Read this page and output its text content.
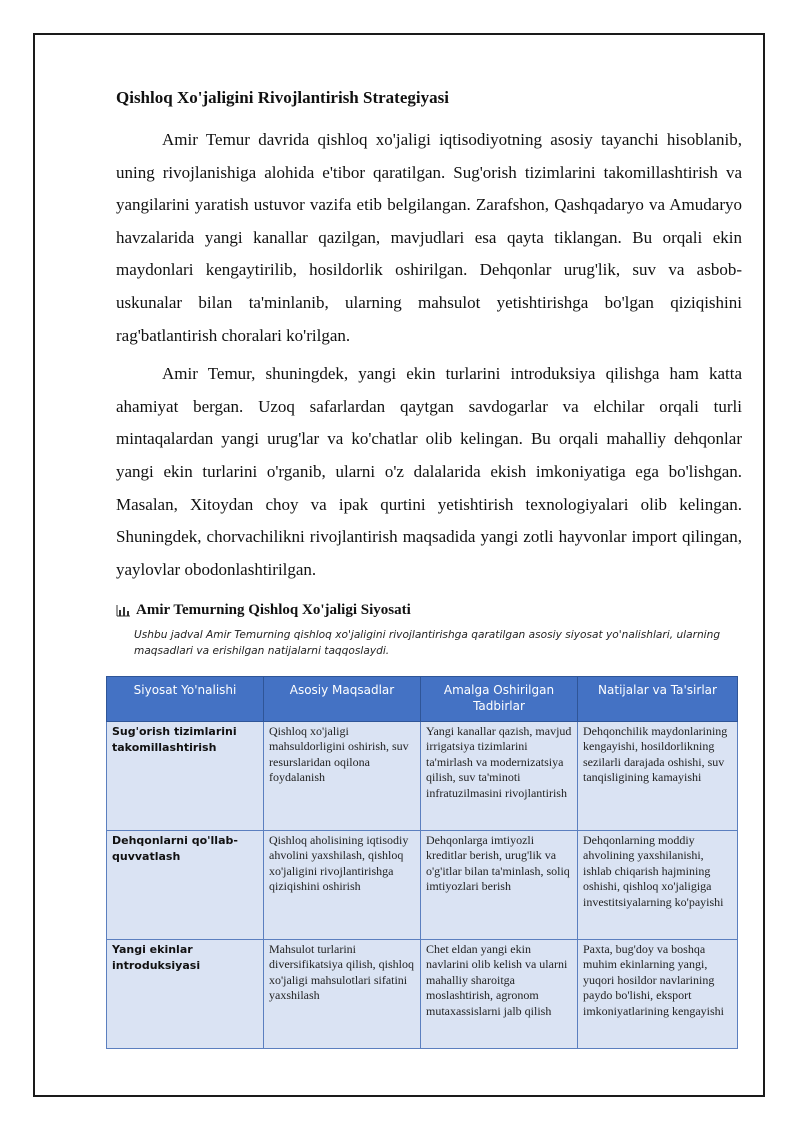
Qishloq Xo'jaligini Rivojlantirish Strategiyasi

Amir Temur davrida qishloq xo'jaligi iqtisodiyotning asosiy tayanchi hisoblanib, uning rivojlanishiga alohida e'tibor qaratilgan. Sug'orish tizimlarini takomillashtirish va yangilarini yaratish ustuvor vazifa etib belgilangan. Zarafshon, Qashqadaryo va Amudaryo havzalarida yangi kanallar qazilgan, mavjudlari esa qayta tiklangan. Bu orqali ekin maydonlari kengaytirilib, hosildorlik oshirilgan. Dehqonlar urug'lik, suv va asbob-uskunalar bilan ta'minlanib, ularning mahsulot yetishtirishga bo'lgan qiziqishini rag'batlantirish choralari ko'rilgan.

Amir Temur, shuningdek, yangi ekin turlarini introduksiya qilishga ham katta ahamiyat bergan. Uzoq safarlardan qaytgan savdogarlar va elchilar orqali turli mintaqalardan yangi urug'lar va ko'chatlar olib kelingan. Bu orqali mahalliy dehqonlar yangi ekin turlarini o'rganib, ularni o'z dalalarida ekish imkoniyatiga ega bo'lishgan. Masalan, Xitoydan choy va ipak qurtini yetishtirish texnologiyalari olib kelingan. Shuningdek, chorvachilikni rivojlantirish maqsadida yangi zotli hayvonlar import qilingan, yaylovlar obodonlashtirilgan.

Amir Temurning Qishloq Xo'jaligi Siyosati
Ushbu jadval Amir Temurning qishloq xo'jaligini rivojlantirishga qaratilgan asosiy siyosat yo'nalishlari, ularning maqsadlari va erishilgan natijalarni taqqoslaydi.
Siyosat Yo'nalishi	Asosiy Maqsadlar	Amalga Oshirilgan Tadbirlar	Natijalar va Ta'sirlar
Sug'orish tizimlarini takomillashtirish	Qishloq xo'jaligi mahsuldorligini oshirish, suv resurslaridan oqilona foydalanish	Yangi kanallar qazish, mavjud irrigatsiya tizimlarini ta'mirlash va modernizatsiya qilish, suv ta'minoti infratuzilmasini rivojlantirish	Dehqonchilik maydonlarining kengayishi, hosildorlikning sezilarli darajada oshishi, suv tanqisligining kamayishi
Dehqonlarni qo'llab-quvvatlash	Qishloq aholisining iqtisodiy ahvolini yaxshilash, qishloq xo'jaligini rivojlantirishga qiziqishini oshirish	Dehqonlarga imtiyozli kreditlar berish, urug'lik va o'g'itlar bilan ta'minlash, soliq imtiyozlari berish	Dehqonlarning moddiy ahvolining yaxshilanishi, ishlab chiqarish hajmining oshishi, qishloq xo'jaligiga investitsiyalarning ko'payishi
Yangi ekinlar introduksiyasi	Mahsulot turlarini diversifikatsiya qilish, qishloq xo'jaligi mahsulotlari sifatini yaxshilash	Chet eldan yangi ekin navlarini olib kelish va ularni mahalliy sharoitga moslashtirish, agronom mutaxassislarni jalb qilish	Paxta, bug'doy va boshqa muhim ekinlarning yangi, yuqori hosildor navlarining paydo bo'lishi, eksport imkoniyatlarining kengayishi
